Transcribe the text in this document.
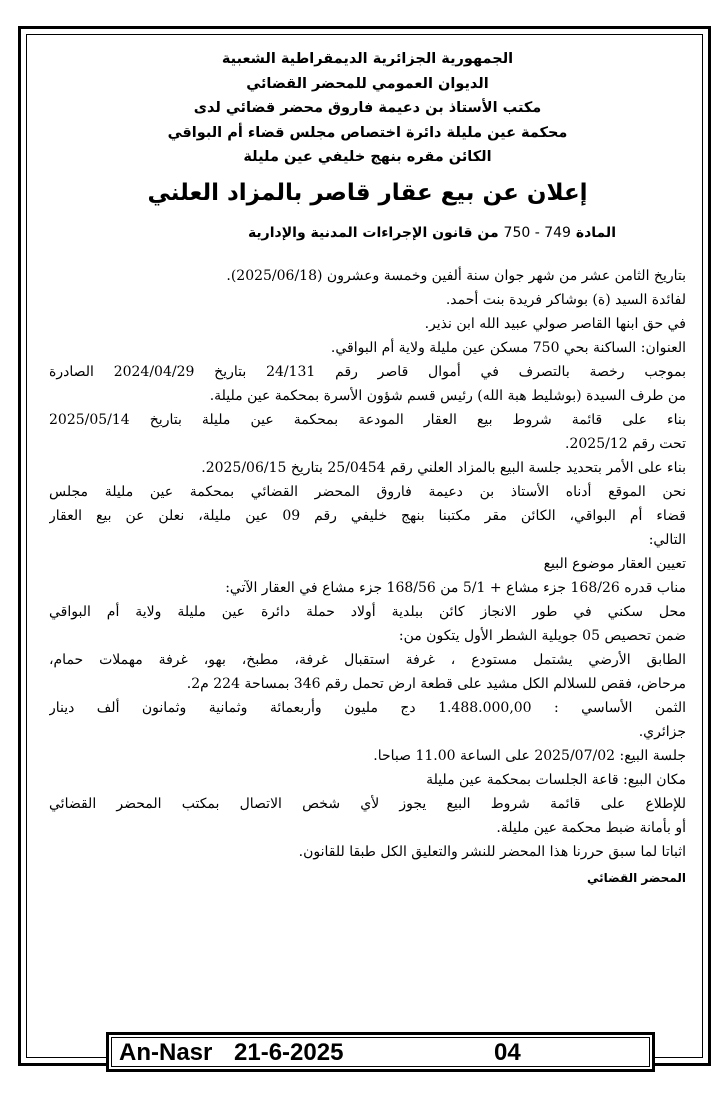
الجمهورية الجزائرية الديمقراطية الشعبية
الديوان العمومي للمحضر القضائي
مكتب الأستاذ بن دعيمة فاروق محضر قضائي لدى
محكمة عين مليلة دائرة اختصاص مجلس قضاء أم البواقي
الكائن مقره بنهج خليفي عين مليلة
إعلان عن بيع عقار قاصر بالمزاد العلني
المادة 749 - 750 من قانون الإجراءات المدنية والإدارية
بتاريخ الثامن عشر من شهر جوان سنة ألفين وخمسة وعشرون (2025/06/18).
لفائدة السيد (ة) بوشاكر فريدة بنت أحمد.
في حق ابنها القاصر صولي عبيد الله ابن نذير.
العنوان: الساكنة بحي 750 مسكن عين مليلة ولاية أم البواقي.
بموجب رخصة بالتصرف في أموال قاصر رقم 24/131 بتاريخ 2024/04/29 الصادرة
من طرف السيدة (بوشليط هبة الله) رئيس قسم شؤون الأسرة بمحكمة عين مليلة.
بناء على قائمة شروط بيع العقار المودعة بمحكمة عين مليلة بتاريخ 2025/05/14
تحت رقم 2025/12.
بناء على الأمر بتحديد جلسة البيع بالمزاد العلني رقم 25/0454 بتاريخ 2025/06/15.
نحن الموقع أدناه الأستاذ بن دعيمة فاروق المحضر القضائي بمحكمة عين مليلة مجلس
قضاء أم البواقي، الكائن مقر مكتبنا بنهج خليفي رقم 09 عين مليلة، نعلن عن بيع العقار
التالي:
تعيين العقار موضوع البيع
مناب قدره 168/26 جزء مشاع + 5/1 من 168/56 جزء مشاع في العقار الآتي:
محل سكني في طور الانجاز كائن ببلدية أولاد حملة دائرة عين مليلة ولاية أم البواقي
ضمن تحصيص 05 جويلية الشطر الأول يتكون من:
الطابق الأرضي يشتمل مستودع ، غرفة استقبال غرفة، مطبخ، بهو، غرفة مهملات حمام،
مرحاض، فقص للسلالم الكل مشيد على قطعة ارض تحمل رقم 346 بمساحة 224 م2.
الثمن الأساسي : 1.488.000,00 دج مليون وأربعمائة وثمانية وثمانون ألف دينار
جزائري.
جلسة البيع: 2025/07/02 على الساعة 11.00 صباحا.
مكان البيع: قاعة الجلسات بمحكمة عين مليلة
للإطلاع على قائمة شروط البيع يجوز لأي شخص الاتصال بمكتب المحضر القضائي
أو بأمانة ضبط محكمة عين مليلة.
اثباتا لما سبق حررنا هذا المحضر للنشر والتعليق الكل طبقا للقانون.
المحضر القضائي
An-Nasr 21-6-2025	04
